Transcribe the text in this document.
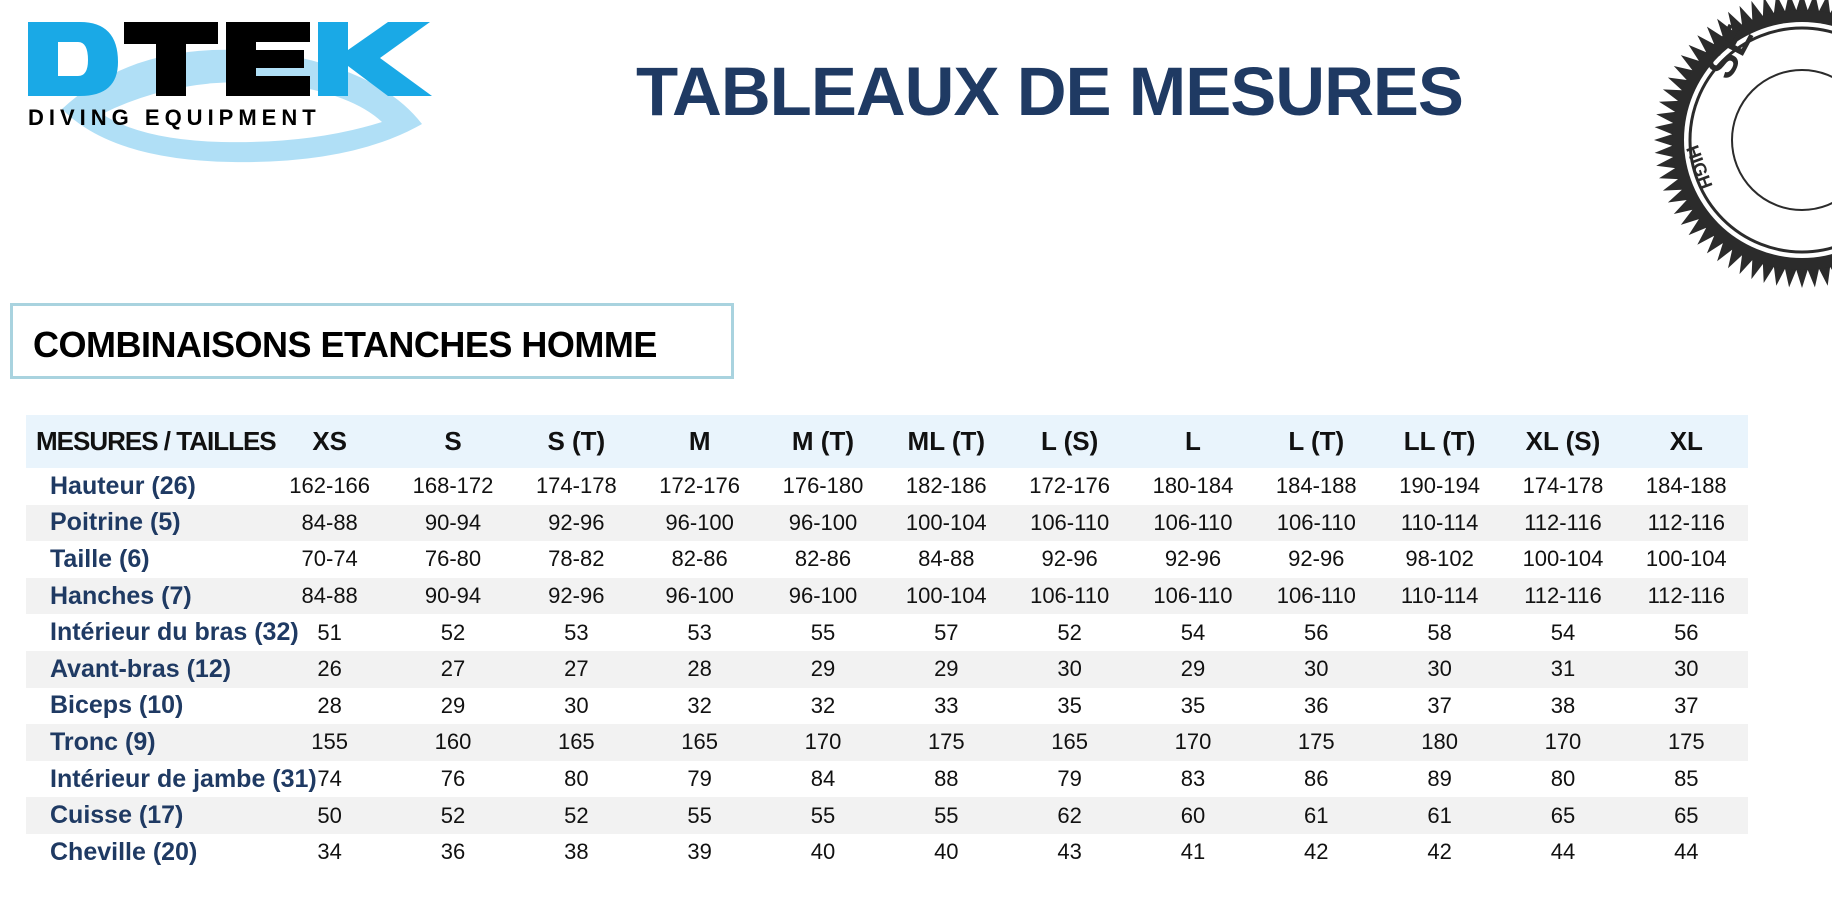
DIVING EQUIPMENT	TABLEAUX DE MESURES
SE
HIGH
COMBINAISONS ETANCHES HOMME
MESURES / TAILLES	XS	S	S (T)	M	M (T)	ML (T)	L (S)	L	L (T)	LL (T)	XL (S)	XL
Hauteur (26)	162-166	168-172	174-178	172-176	176-180	182-186	172-176	180-184	184-188	190-194	174-178	184-188
Poitrine (5)	84-88	90-94	92-96	96-100	96-100	100-104	106-110	106-110	106-110	110-114	112-116	112-116
Taille (6)	70-74	76-80	78-82	82-86	82-86	84-88	92-96	92-96	92-96	98-102	100-104	100-104
Hanches (7)	84-88	90-94	92-96	96-100	96-100	100-104	106-110	106-110	106-110	110-114	112-116	112-116
Intérieur du bras (32)	51	52	53	53	55	57	52	54	56	58	54	56
Avant-bras (12)	26	27	27	28	29	29	30	29	30	30	31	30
Biceps (10)	28	29	30	32	32	33	35	35	36	37	38	37
Tronc (9)	155	160	165	165	170	175	165	170	175	180	170	175
Intérieur de jambe (31)	74	76	80	79	84	88	79	83	86	89	80	85
Cuisse (17)	50	52	52	55	55	55	62	60	61	61	65	65
Cheville (20)	34	36	38	39	40	40	43	41	42	42	44	44
